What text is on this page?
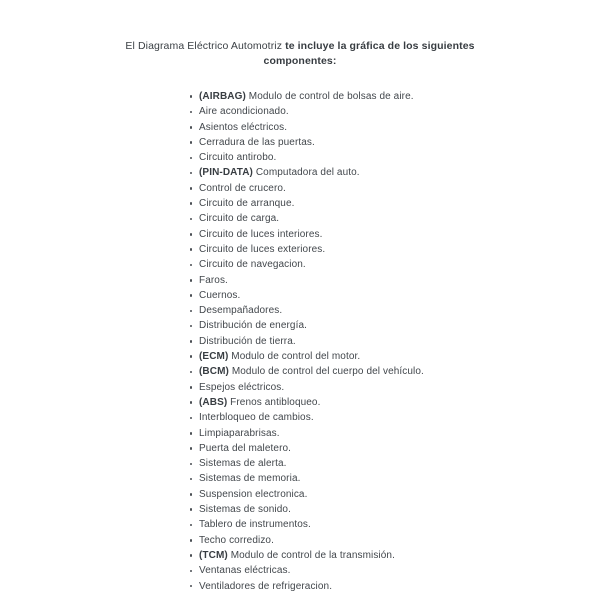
El Diagrama Eléctrico Automotriz te incluye la gráfica de los siguientes
componentes:
(AIRBAG) Modulo de control de bolsas de aire.
Aire acondicionado.
Asientos eléctricos.
Cerradura de las puertas.
Circuito antirobo.
(PIN-DATA) Computadora del auto.
Control de crucero.
Circuito de arranque.
Circuito de carga.
Circuito de luces interiores.
Circuito de luces exteriores.
Circuito de navegacion.
Faros.
Cuernos.
Desempañadores.
Distribución de energía.
Distribución de tierra.
(ECM) Modulo de control del motor.
(BCM) Modulo de control del cuerpo del vehículo.
Espejos eléctricos.
(ABS) Frenos antibloqueo.
Interbloqueo de cambios.
Limpiaparabrisas.
Puerta del maletero.
Sistemas de alerta.
Sistemas de memoria.
Suspension electronica.
Sistemas de sonido.
Tablero de instrumentos.
Techo corredizo.
(TCM) Modulo de control de la transmisión.
Ventanas eléctricas.
Ventiladores de refrigeracion.
